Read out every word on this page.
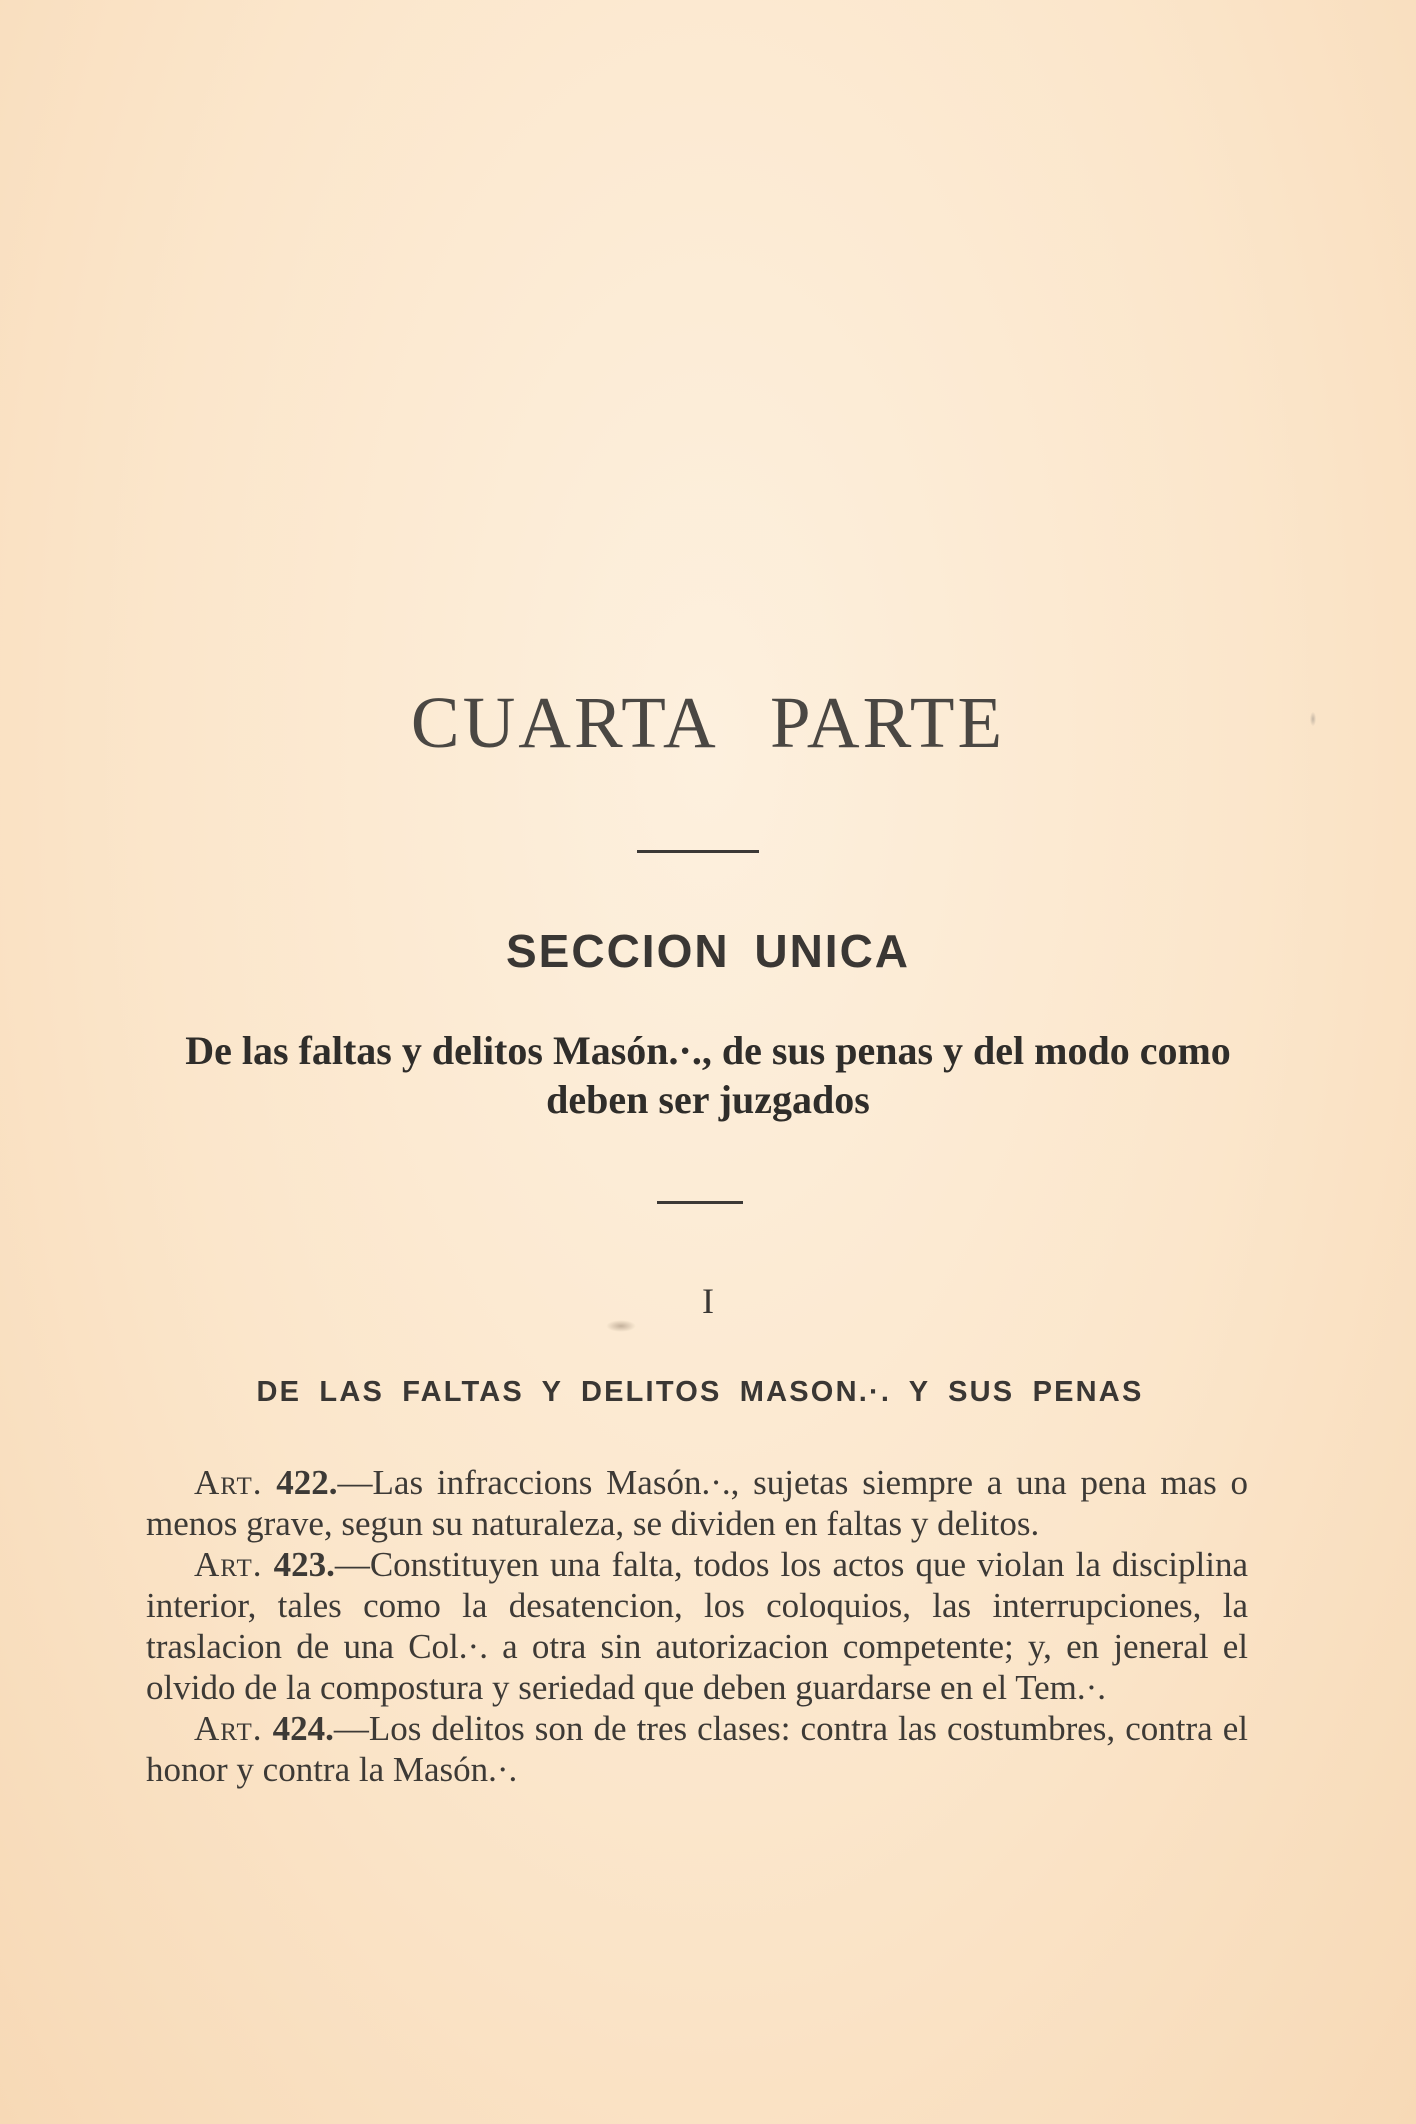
CUARTA PARTE
SECCION UNICA

De las faltas y delitos Masón.·., de sus penas y del modo como deben ser juzgados

I
DE LAS FALTAS Y DELITOS MASON.·. Y SUS PENAS

Art. 422.—Las infraccions Masón.·., sujetas siempre a una pena mas o menos grave, segun su naturaleza, se dividen en faltas y delitos.

Art. 423.—Constituyen una falta, todos los actos que violan la disciplina interior, tales como la desatencion, los coloquios, las interrupciones, la traslacion de una Col.·. a otra sin autorizacion competente; y, en jeneral el olvido de la compostura y seriedad que deben guardarse en el Tem.·.

Art. 424.—Los delitos son de tres clases: contra las costumbres, contra el honor y contra la Masón.·.
